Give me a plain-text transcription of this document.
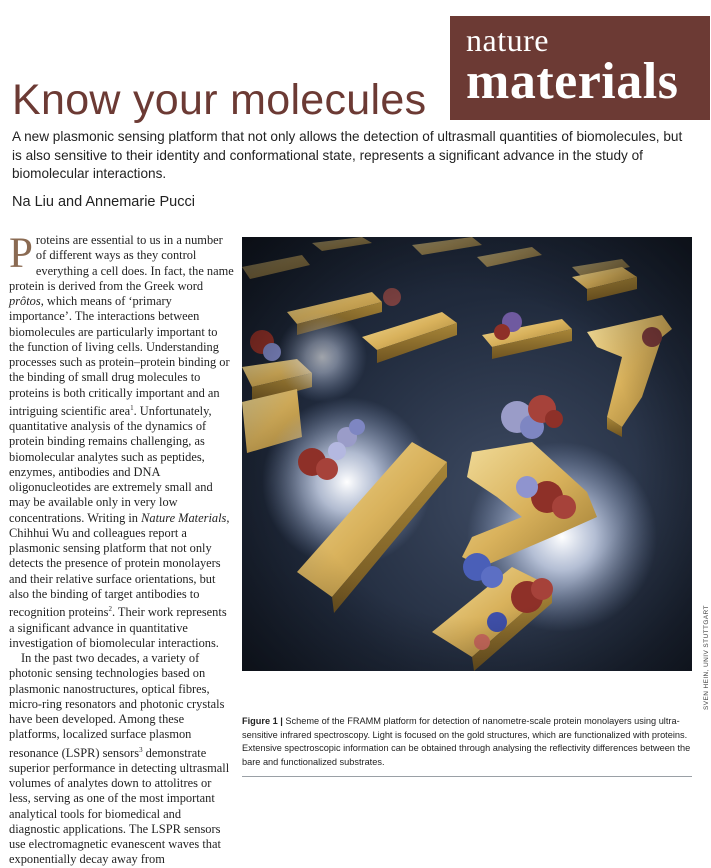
nature
materials
Know your molecules

A new plasmonic sensing platform that not only allows the detection of ultrasmall quantities of biomolecules, but is also sensitive to their identity and conformational state, represents a significant advance in the study of biomolecular interactions.

Na Liu and Annemarie Pucci

P roteins are essential to us in a number of different ways as they control everything a cell does. In fact, the name protein is derived from the Greek word prôtos, which means of ‘primary importance’. The interactions between biomolecules are particularly important to the function of living cells. Understanding processes such as protein–protein binding or the binding of small drug molecules to proteins is both critically important and an intriguing scientific area$^1$. Unfortunately, quantitative analysis of the dynamics of protein binding remains challenging, as biomolecular analytes such as peptides, enzymes, antibodies and DNA oligonucleotides are extremely small and may be available only in very low concentrations. Writing in Nature Materials, Chihhui Wu and colleagues report a plasmonic sensing platform that not only detects the presence of protein monolayers and their relative surface orientations, but also the binding of target antibodies to recognition proteins$^2$. Their work represents a significant advance in quantitative investigation of biomolecular interactions.

In the past two decades, a variety of photonic sensing technologies based on plasmonic nanostructures, optical fibres, micro-ring resonators and photonic crystals have been developed. Among these platforms, localized surface plasmon resonance (LSPR) sensors$^3$ demonstrate superior performance in detecting ultrasmall volumes of analytes down to attolitres or less, serving as one of the most important analytical tools for biomedical and diagnostic applications. The LSPR sensors use electromagnetic evanescent waves that exponentially decay away from

SVEN HEIN, UNIV STUTTGART
Figure 1 | Scheme of the FRAMM platform for detection of nanometre-scale protein monolayers using ultra-sensitive infrared spectroscopy. Light is focused on the gold structures, which are functionalized with proteins. Extensive spectroscopic information can be obtained through analysing the reflectivity differences between the bare and functionalized substrates.
